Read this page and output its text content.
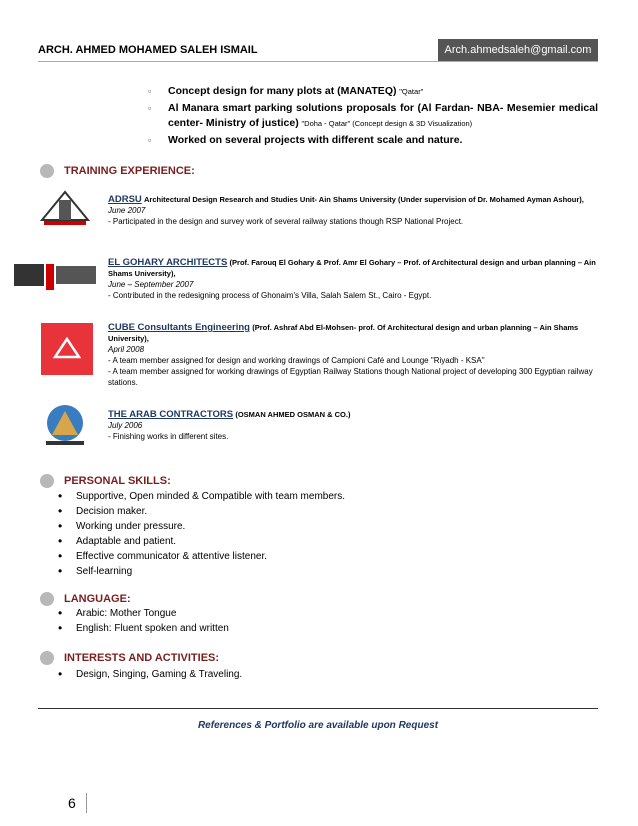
ARCH. AHMED MOHAMED SALEH ISMAIL	Arch.ahmedsaleh@gmail.com
▫ Concept design for many plots at (MANATEQ) "Qatar"
▫ Al Manara smart parking solutions proposals for (Al Fardan- NBA- Mesemier medical center- Ministry of justice) "Doha - Qatar" (Concept design & 3D Visualization)
▫ Worked on several projects with different scale and nature.
TRAINING EXPERIENCE:
ADRSU Architectural Design Research and Studies Unit- Ain Shams University (Under supervision of Dr. Mohamed Ayman Ashour),
June 2007
- Participated in the design and survey work of several railway stations though RSP National Project.
EL GOHARY ARCHITECTS (Prof. Farouq El Gohary & Prof. Amr El Gohary – Prof. of Architectural design and urban planning – Ain Shams University),
June – September 2007
- Contributed in the redesigning process of Ghonaim's Villa, Salah Salem St., Cairo - Egypt.
CUBE Consultants Engineering (Prof. Ashraf Abd El-Mohsen- prof. Of Architectural design and urban planning – Ain Shams University),
April 2008
- A team member assigned for design and working drawings of Campioni Café and Lounge "Riyadh - KSA"
- A team member assigned for working drawings of Egyptian Railway Stations though National project of developing 300 Egyptian railway stations.
THE ARAB CONTRACTORS (OSMAN AHMED OSMAN & CO.)
July 2006
- Finishing works in different sites.
PERSONAL SKILLS:
• Supportive, Open minded & Compatible with team members.
• Decision maker.
• Working under pressure.
• Adaptable and patient.
• Effective communicator & attentive listener.
• Self-learning
LANGUAGE:
• Arabic: Mother Tongue
• English: Fluent spoken and written
INTERESTS AND ACTIVITIES:
• Design, Singing, Gaming & Traveling.
References & Portfolio are available upon Request
6
